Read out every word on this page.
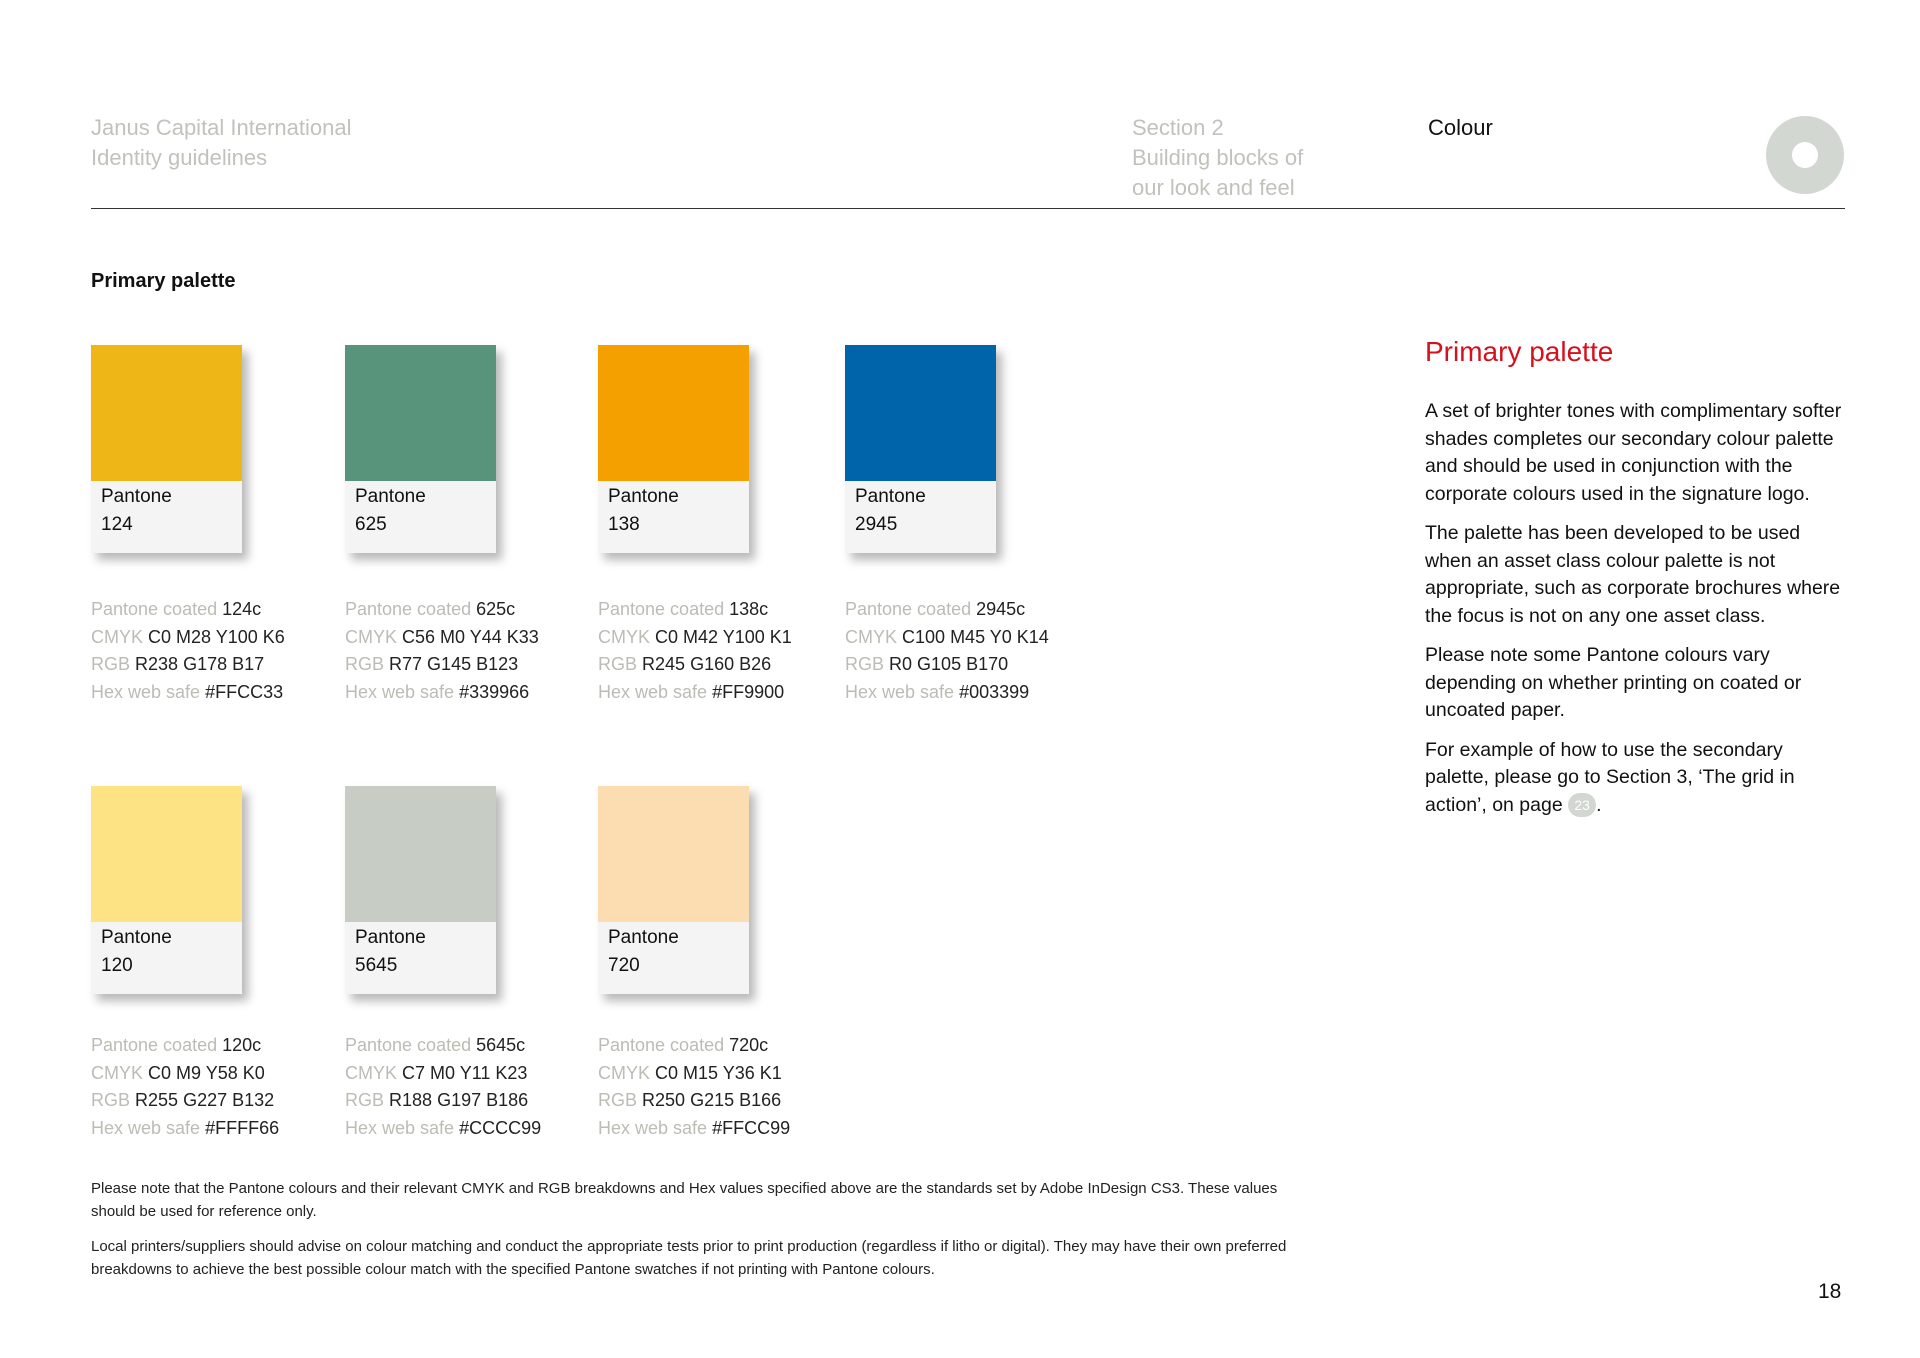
Janus Capital International
Identity guidelines
Section 2
Building blocks of
our look and feel
Colour
Primary palette
Pantone
124
Pantone
625
Pantone
138
Pantone
2945
Pantone coated 124c
CMYK C0 M28 Y100 K6
RGB R238 G178 B17
Hex web safe #FFCC33
Pantone coated 625c
CMYK C56 M0 Y44 K33
RGB R77 G145 B123
Hex web safe #339966
Pantone coated 138c
CMYK C0 M42 Y100 K1
RGB R245 G160 B26
Hex web safe #FF9900
Pantone coated 2945c
CMYK C100 M45 Y0 K14
RGB R0 G105 B170
Hex web safe #003399
Pantone
120
Pantone
5645
Pantone
720
Pantone coated 120c
CMYK C0 M9 Y58 K0
RGB R255 G227 B132
Hex web safe #FFFF66
Pantone coated 5645c
CMYK C7 M0 Y11 K23
RGB R188 G197 B186
Hex web safe #CCCC99
Pantone coated 720c
CMYK C0 M15 Y36 K1
RGB R250 G215 B166
Hex web safe #FFCC99
Primary palette

A set of brighter tones with complimentary softer shades completes our secondary colour palette and should be used in conjunction with the corporate colours used in the signature logo.

The palette has been developed to be used when an asset class colour palette is not appropriate, such as corporate brochures where the focus is not on any one asset class.

Please note some Pantone colours vary depending on whether printing on coated or uncoated paper.

For example of how to use the secondary palette, please go to Section 3, ‘The grid in action’, on page 23 .

Please note that the Pantone colours and their relevant CMYK and RGB breakdowns and Hex values specified above are the standards set by Adobe InDesign CS3. These values should be used for reference only.

Local printers/suppliers should advise on colour matching and conduct the appropriate tests prior to print production (regardless if litho or digital). They may have their own preferred breakdowns to achieve the best possible colour match with the specified Pantone swatches if not printing with Pantone colours.

18
